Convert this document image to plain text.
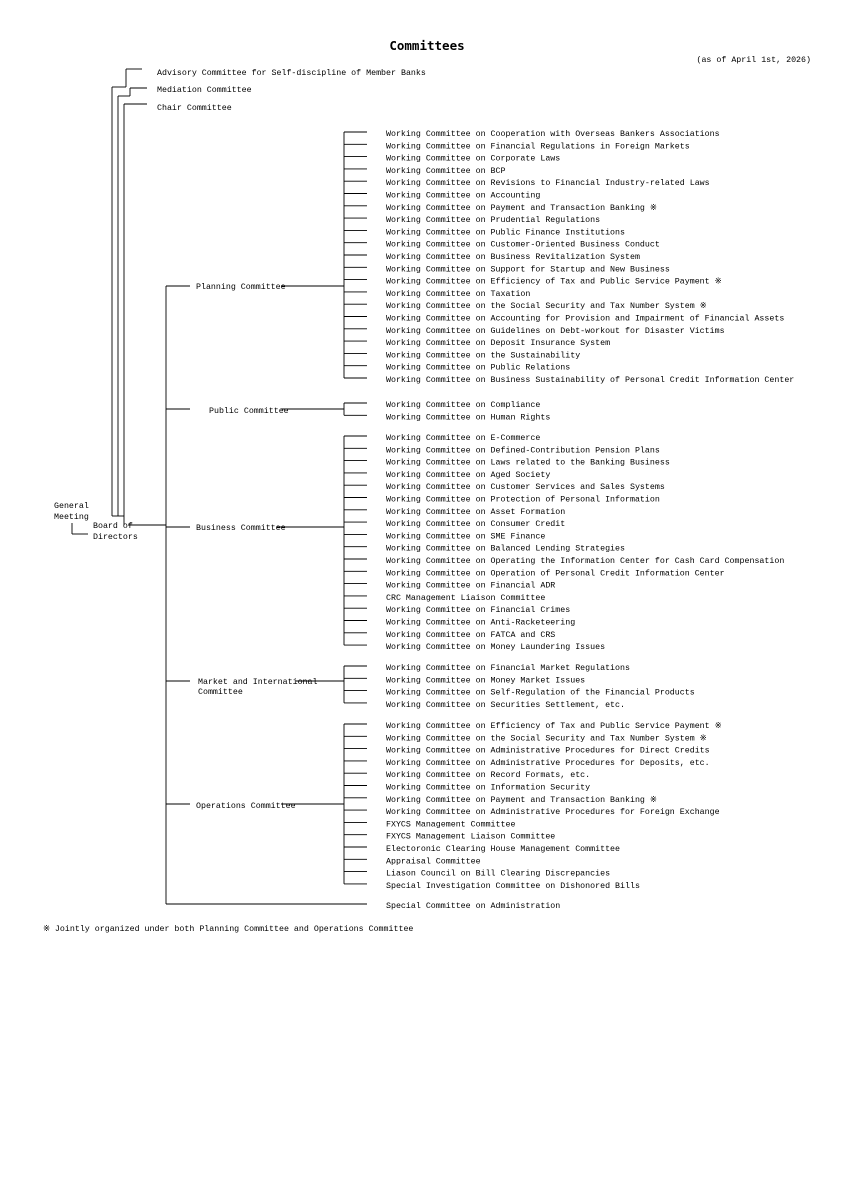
Committees
(as of April 1st, 2026)
General
Meeting
Board of
Directors
Advisory Committee for Self-discipline of Member Banks
Mediation Committee
Chair Committee
Planning Committee
Working Committee on Cooperation with Overseas Bankers Associations
Working Committee on Financial Regulations in Foreign Markets
Working Committee on Corporate Laws
Working Committee on BCP
Working Committee on Revisions to Financial Industry-related Laws
Working Committee on Accounting
Working Committee on Payment and Transaction Banking ※
Working Committee on Prudential Regulations
Working Committee on Public Finance Institutions
Working Committee on Customer-Oriented Business Conduct
Working Committee on Business Revitalization System
Working Committee on Support for Startup and New Business
Working Committee on Efficiency of Tax and Public Service Payment ※
Working Committee on Taxation
Working Committee on the Social Security and Tax Number System ※
Working Committee on Accounting for Provision and Impairment of Financial Assets
Working Committee on Guidelines on Debt-workout for Disaster Victims
Working Committee on Deposit Insurance System
Working Committee on the Sustainability
Working Committee on Public Relations
Working Committee on Business Sustainability of Personal Credit Information Center
Public Committee
Working Committee on Compliance
Working Committee on Human Rights
Business Committee
Working Committee on E-Commerce
Working Committee on Defined-Contribution Pension Plans
Working Committee on Laws related to the Banking Business
Working Committee on Aged Society
Working Committee on Customer Services and Sales Systems
Working Committee on Protection of Personal Information
Working Committee on Asset Formation
Working Committee on Consumer Credit
Working Committee on SME Finance
Working Committee on Balanced Lending Strategies
Working Committee on Operating the Information Center for Cash Card Compensation
Working Committee on Operation of Personal Credit Information Center
Working Committee on Financial ADR
CRC Management Liaison Committee
Working Committee on Financial Crimes
Working Committee on Anti-Racketeering
Working Committee on FATCA and CRS
Working Committee on Money Laundering Issues
Market and International
Committee
Working Committee on Financial Market Regulations
Working Committee on Money Market Issues
Working Committee on Self-Regulation of the Financial Products
Working Committee on Securities Settlement, etc.
Operations Committee
Working Committee on Efficiency of Tax and Public Service Payment ※
Working Committee on the Social Security and Tax Number System ※
Working Committee on Administrative Procedures for Direct Credits
Working Committee on Administrative Procedures for Deposits, etc.
Working Committee on Record Formats, etc.
Working Committee on Information Security
Working Committee on Payment and Transaction Banking ※
Working Committee on Administrative Procedures for Foreign Exchange
FXYCS Management Committee
FXYCS Management Liaison Committee
Electoronic Clearing House Management Committee
Appraisal Committee
Liason Council on Bill Clearing Discrepancies
Special Investigation Committee on Dishonored Bills
Special Committee on Administration
※ Jointly organized under both Planning Committee and Operations Committee
